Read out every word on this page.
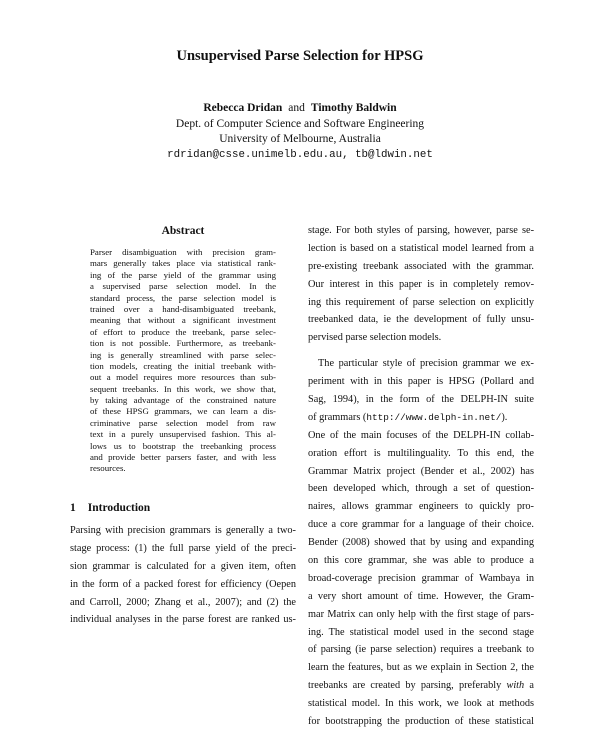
Unsupervised Parse Selection for HPSG
Rebecca Dridan and Timothy Baldwin
Dept. of Computer Science and Software Engineering
University of Melbourne, Australia
rdridan@csse.unimelb.edu.au, tb@ldwin.net
Abstract
Parser disambiguation with precision gram-
mars generally takes place via statistical rank-
ing of the parse yield of the grammar using
a supervised parse selection model. In the
standard process, the parse selection model is
trained over a hand-disambiguated treebank,
meaning that without a significant investment
of effort to produce the treebank, parse selec-
tion is not possible. Furthermore, as treebank-
ing is generally streamlined with parse selec-
tion models, creating the initial treebank with-
out a model requires more resources than sub-
sequent treebanks. In this work, we show that,
by taking advantage of the constrained nature
of these HPSG grammars, we can learn a dis-
criminative parse selection model from raw
text in a purely unsupervised fashion. This al-
lows us to bootstrap the treebanking process
and provide better parsers faster, and with less
resources.
1 Introduction
Parsing with precision grammars is generally a two-
stage process: (1) the full parse yield of the preci-
sion grammar is calculated for a given item, often
in the form of a packed forest for efficiency (Oepen
and Carroll, 2000; Zhang et al., 2007); and (2) the
individual analyses in the parse forest are ranked us-
stage. For both styles of parsing, however, parse se-
lection is based on a statistical model learned from a
pre-existing treebank associated with the grammar.
Our interest in this paper is in completely remov-
ing this requirement of parse selection on explicitly
treebanked data, ie the development of fully unsu-
pervised parse selection models.
The particular style of precision grammar we ex-
periment with in this paper is HPSG (Pollard and
Sag, 1994), in the form of the DELPH-IN suite
of grammars (http://www.delph-in.net/).
One of the main focuses of the DELPH-IN collab-
oration effort is multilinguality. To this end, the
Grammar Matrix project (Bender et al., 2002) has
been developed which, through a set of question-
naires, allows grammar engineers to quickly pro-
duce a core grammar for a language of their choice.
Bender (2008) showed that by using and expanding
on this core grammar, she was able to produce a
broad-coverage precision grammar of Wambaya in
a very short amount of time. However, the Gram-
mar Matrix can only help with the first stage of pars-
ing. The statistical model used in the second stage
of parsing (ie parse selection) requires a treebank to
learn the features, but as we explain in Section 2, the
treebanks are created by parsing, preferably with a
statistical model. In this work, we look at methods
for bootstrapping the production of these statistical
